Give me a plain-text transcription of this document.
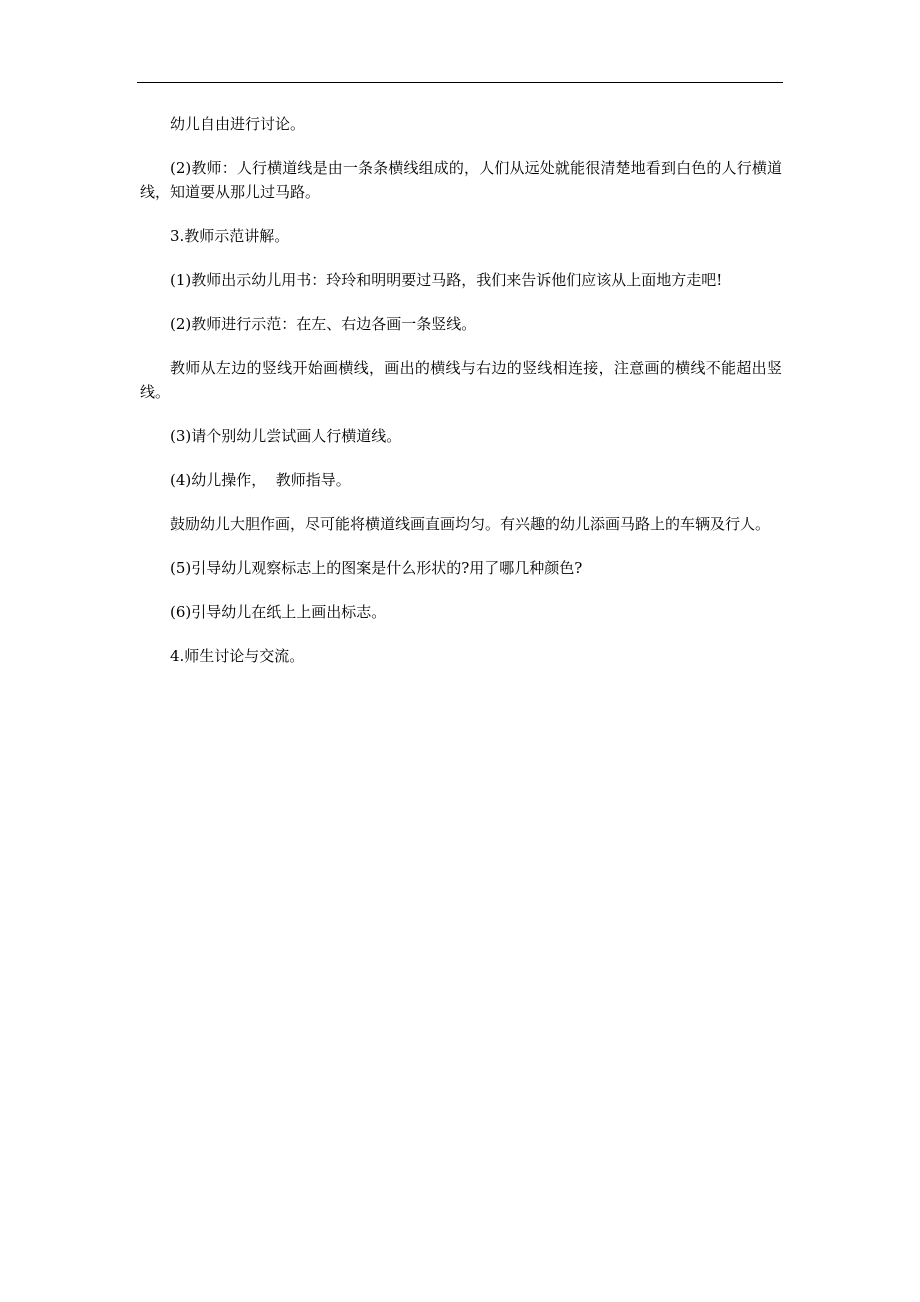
幼儿自由进行讨论。

(2)教师：人行横道线是由一条条横线组成的，人们从远处就能很清楚地看到白色的人行横道线，知道要从那儿过马路。

3.教师示范讲解。

(1)教师出示幼儿用书：玲玲和明明要过马路，我们来告诉他们应该从上面地方走吧!

(2)教师进行示范：在左、右边各画一条竖线。

教师从左边的竖线开始画横线，画出的横线与右边的竖线相连接，注意画的横线不能超出竖线。

(3)请个别幼儿尝试画人行横道线。

(4)幼儿操作，  教师指导。

鼓励幼儿大胆作画，尽可能将横道线画直画均匀。有兴趣的幼儿添画马路上的车辆及行人。

(5)引导幼儿观察标志上的图案是什么形状的?用了哪几种颜色?

(6)引导幼儿在纸上上画出标志。

4.师生讨论与交流。
